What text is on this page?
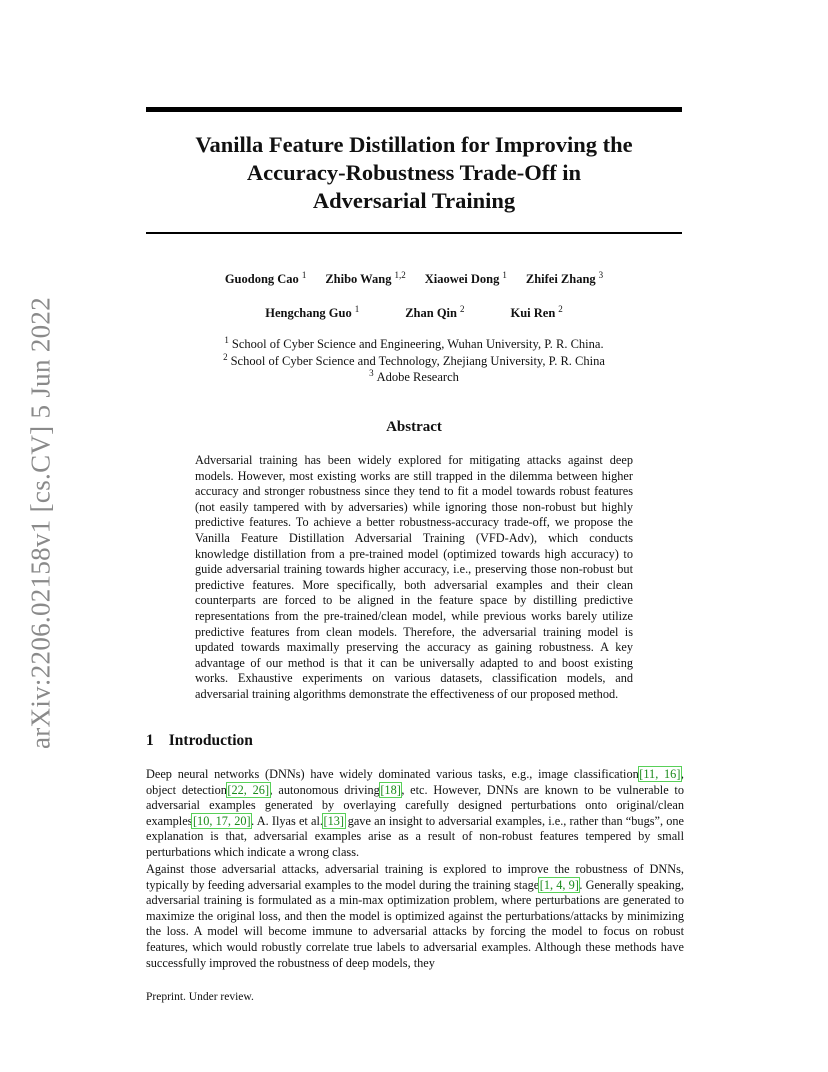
arXiv:2206.02158v1 [cs.CV] 5 Jun 2022
Vanilla Feature Distillation for Improving the
Accuracy-Robustness Trade-Off in
Adversarial Training
Guodong Cao $^1$ Zhibo Wang $^{1,2}$ Xiaowei Dong $^1$ Zhifei Zhang $^3$
Hengchang Guo $^1$	Zhan Qin $^2$	Kui Ren $^2$
$^1$ School of Cyber Science and Engineering, Wuhan University, P. R. China.
$^2$ School of Cyber Science and Technology, Zhejiang University, P. R. China
$^3$ Adobe Research
Abstract
Adversarial training has been widely explored for mitigating attacks against deep models. However, most existing works are still trapped in the dilemma between higher accuracy and stronger robustness since they tend to fit a model towards robust features (not easily tampered with by adversaries) while ignoring those non-robust but highly predictive features. To achieve a better robustness-accuracy trade-off, we propose the Vanilla Feature Distillation Adversarial Training (VFD-Adv), which conducts knowledge distillation from a pre-trained model (optimized towards high accuracy) to guide adversarial training towards higher accuracy, i.e., preserving those non-robust but predictive features. More specifically, both adversarial examples and their clean counterparts are forced to be aligned in the feature space by distilling predictive representations from the pre-trained/clean model, while previous works barely utilize predictive features from clean models. Therefore, the adversarial training model is updated towards maximally preserving the accuracy as gaining robustness. A key advantage of our method is that it can be universally adapted to and boost existing works. Exhaustive experiments on various datasets, classification models, and adversarial training algorithms demonstrate the effectiveness of our proposed method.
1 Introduction
Deep neural networks (DNNs) have widely dominated various tasks, e.g., image classification[11, 16], object detection[22, 26], autonomous driving[18], etc. However, DNNs are known to be vulnerable to adversarial examples generated by overlaying carefully designed perturbations onto original/clean examples[10, 17, 20]. A. Ilyas et al.[13] gave an insight to adversarial examples, i.e., rather than “bugs”, one explanation is that, adversarial examples arise as a result of non-robust features tempered by small perturbations which indicate a wrong class.
Against those adversarial attacks, adversarial training is explored to improve the robustness of DNNs, typically by feeding adversarial examples to the model during the training stage[1, 4, 9]. Generally speaking, adversarial training is formulated as a min-max optimization problem, where perturbations are generated to maximize the original loss, and then the model is optimized against the perturbations/attacks by minimizing the loss. A model will become immune to adversarial attacks by forcing the model to focus on robust features, which would robustly correlate true labels to adversarial examples. Although these methods have successfully improved the robustness of deep models, they
Preprint. Under review.
